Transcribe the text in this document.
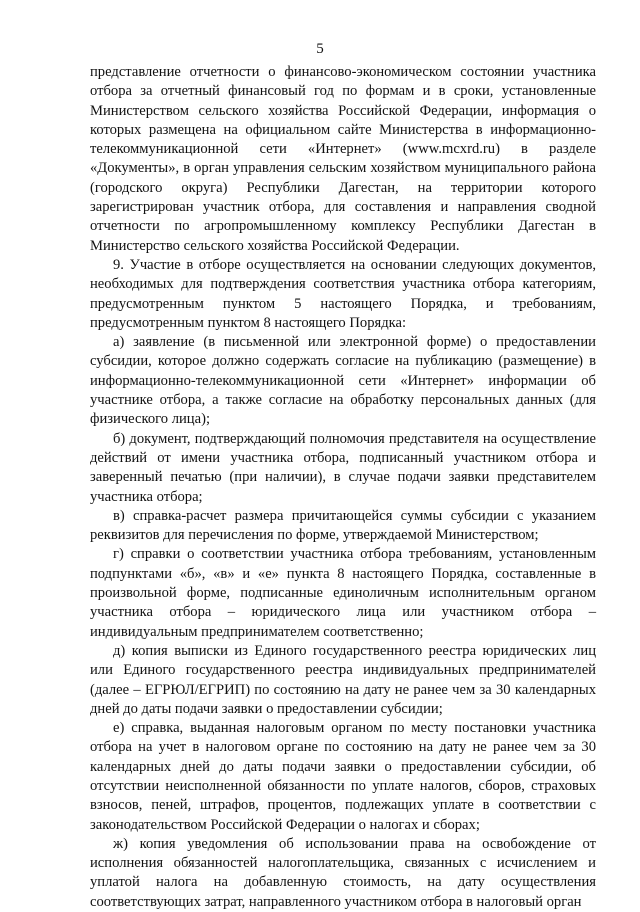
5

представление отчетности о финансово-экономическом состоянии участника отбора за отчетный финансовый год по формам и в сроки, установленные Министерством сельского хозяйства Российской Федерации, информация о которых размещена на официальном сайте Министерства в информационно-телекоммуникационной сети «Интернет» (www.mcxrd.ru) в разделе «Документы», в орган управления сельским хозяйством муниципального района (городского округа) Республики Дагестан, на территории которого зарегистрирован участник отбора, для составления и направления сводной отчетности по агропромышленному комплексу Республики Дагестан в Министерство сельского хозяйства Российской Федерации.

9. Участие в отборе осуществляется на основании следующих документов, необходимых для подтверждения соответствия участника отбора категориям, предусмотренным пунктом 5 настоящего Порядка, и требованиям, предусмотренным пунктом 8 настоящего Порядка:

а) заявление (в письменной или электронной форме) о предоставлении субсидии, которое должно содержать согласие на публикацию (размещение) в информационно-телекоммуникационной сети «Интернет» информации об участнике отбора, а также согласие на обработку персональных данных (для физического лица);

б) документ, подтверждающий полномочия представителя на осуществление действий от имени участника отбора, подписанный участником отбора и заверенный печатью (при наличии), в случае подачи заявки представителем участника отбора;

в) справка-расчет размера причитающейся суммы субсидии с указанием реквизитов для перечисления по форме, утверждаемой Министерством;

г) справки о соответствии участника отбора требованиям, установленным подпунктами «б», «в» и «е» пункта 8 настоящего Порядка, составленные в произвольной форме, подписанные единоличным исполнительным органом участника отбора – юридического лица или участником отбора – индивидуальным предпринимателем соответственно;

д) копия выписки из Единого государственного реестра юридических лиц или Единого государственного реестра индивидуальных предпринимателей (далее – ЕГРЮЛ/ЕГРИП) по состоянию на дату не ранее чем за 30 календарных дней до даты подачи заявки о предоставлении субсидии;

е) справка, выданная налоговым органом по месту постановки участника отбора на учет в налоговом органе по состоянию на дату не ранее чем за 30 календарных дней до даты подачи заявки о предоставлении субсидии, об отсутствии неисполненной обязанности по уплате налогов, сборов, страховых взносов, пеней, штрафов, процентов, подлежащих уплате в соответствии с законодательством Российской Федерации о налогах и сборах;

ж) копия уведомления об использовании права на освобождение от исполнения обязанностей налогоплательщика, связанных с исчислением и уплатой налога на добавленную стоимость, на дату осуществления соответствующих затрат, направленного участником отбора в налоговый орган
